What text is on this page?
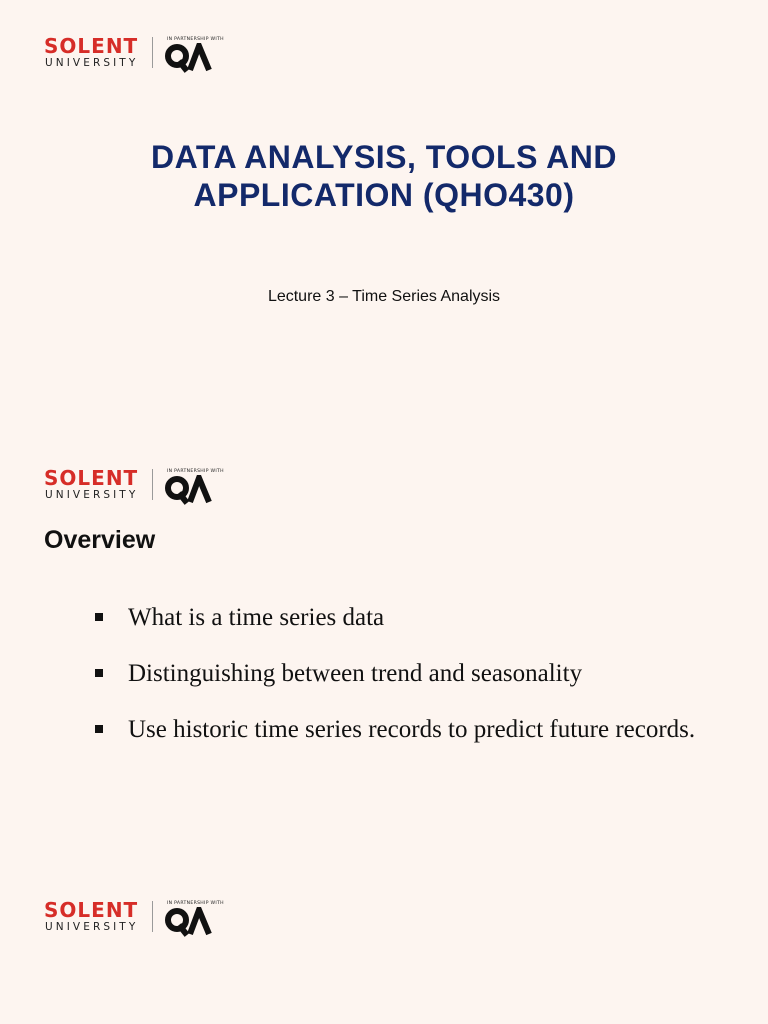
SOLENT
UNIVERSITY
IN PARTNERSHIP WITH
DATA ANALYSIS, TOOLS AND
APPLICATION (QHO430)

Lecture 3 – Time Series Analysis

SOLENT
UNIVERSITY
IN PARTNERSHIP WITH
Overview
What is a time series data
Distinguishing between trend and seasonality
Use historic time series records to predict future records.
SOLENT
UNIVERSITY
IN PARTNERSHIP WITH
